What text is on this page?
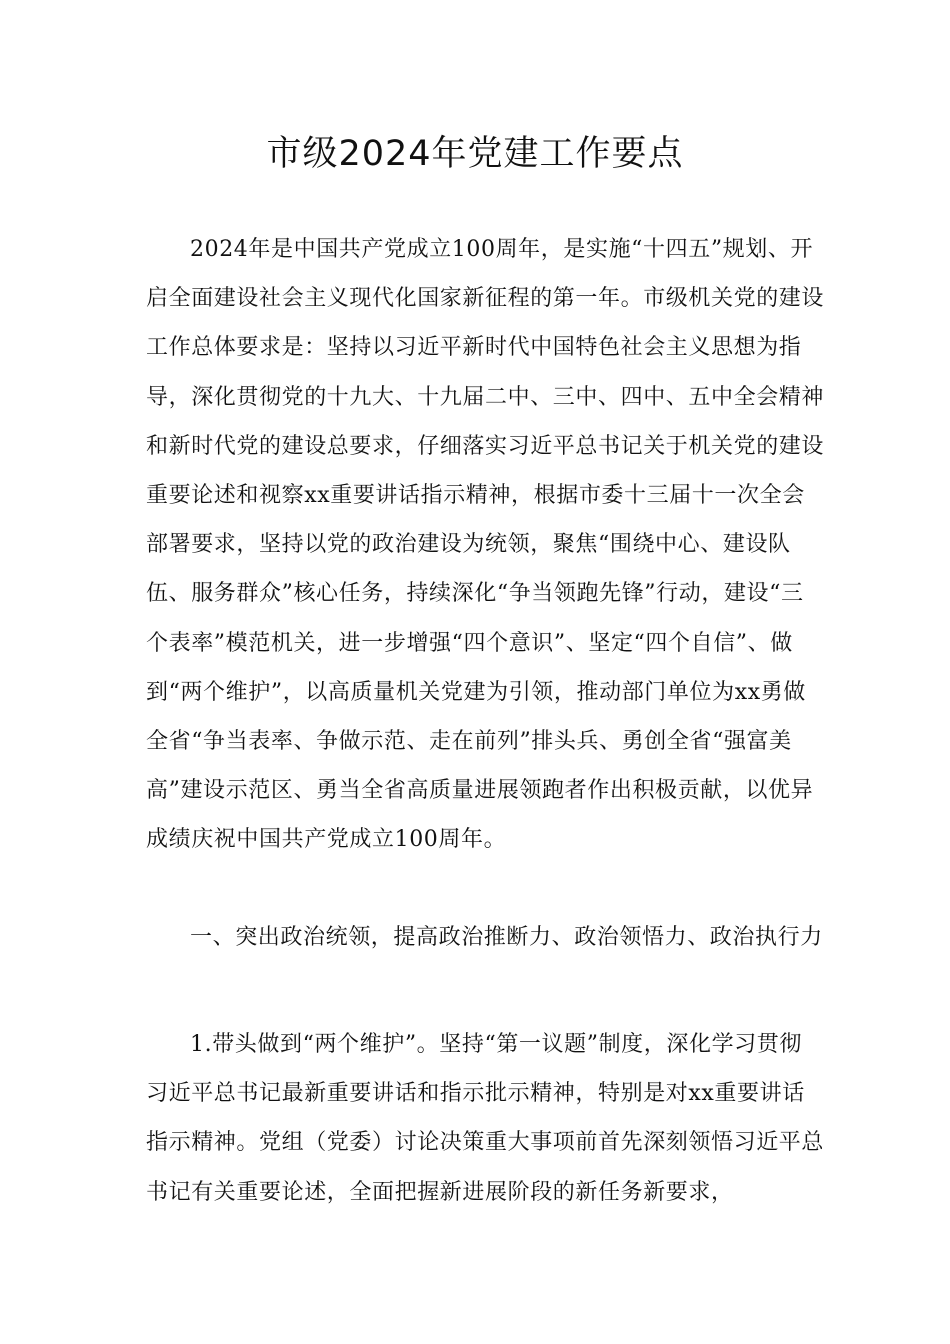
市级2024年党建工作要点

2024年是中国共产党成立100周年，是实施“十四五”规划、开启全面建设社会主义现代化国家新征程的第一年。市级机关党的建设工作总体要求是：坚持以习近平新时代中国特色社会主义思想为指导，深化贯彻党的十九大、十九届二中、三中、四中、五中全会精神和新时代党的建设总要求，仔细落实习近平总书记关于机关党的建设重要论述和视察xx重要讲话指示精神，根据市委十三届十一次全会部署要求，坚持以党的政治建设为统领，聚焦“围绕中心、建设队伍、服务群众”核心任务，持续深化“争当领跑先锋”行动，建设“三个表率”模范机关，进一步增强“四个意识”、坚定“四个自信”、做到“两个维护”，以高质量机关党建为引领，推动部门单位为xx勇做全省“争当表率、争做示范、走在前列”排头兵、勇创全省“强富美高”建设示范区、勇当全省高质量进展领跑者作出积极贡献，以优异成绩庆祝中国共产党成立100周年。

一、突出政治统领，提高政治推断力、政治领悟力、政治执行力

1.带头做到“两个维护”。坚持“第一议题”制度，深化学习贯彻习近平总书记最新重要讲话和指示批示精神，特别是对xx重要讲话指示精神。党组（党委）讨论决策重大事项前首先深刻领悟习近平总书记有关重要论述，全面把握新进展阶段的新任务新要求，
